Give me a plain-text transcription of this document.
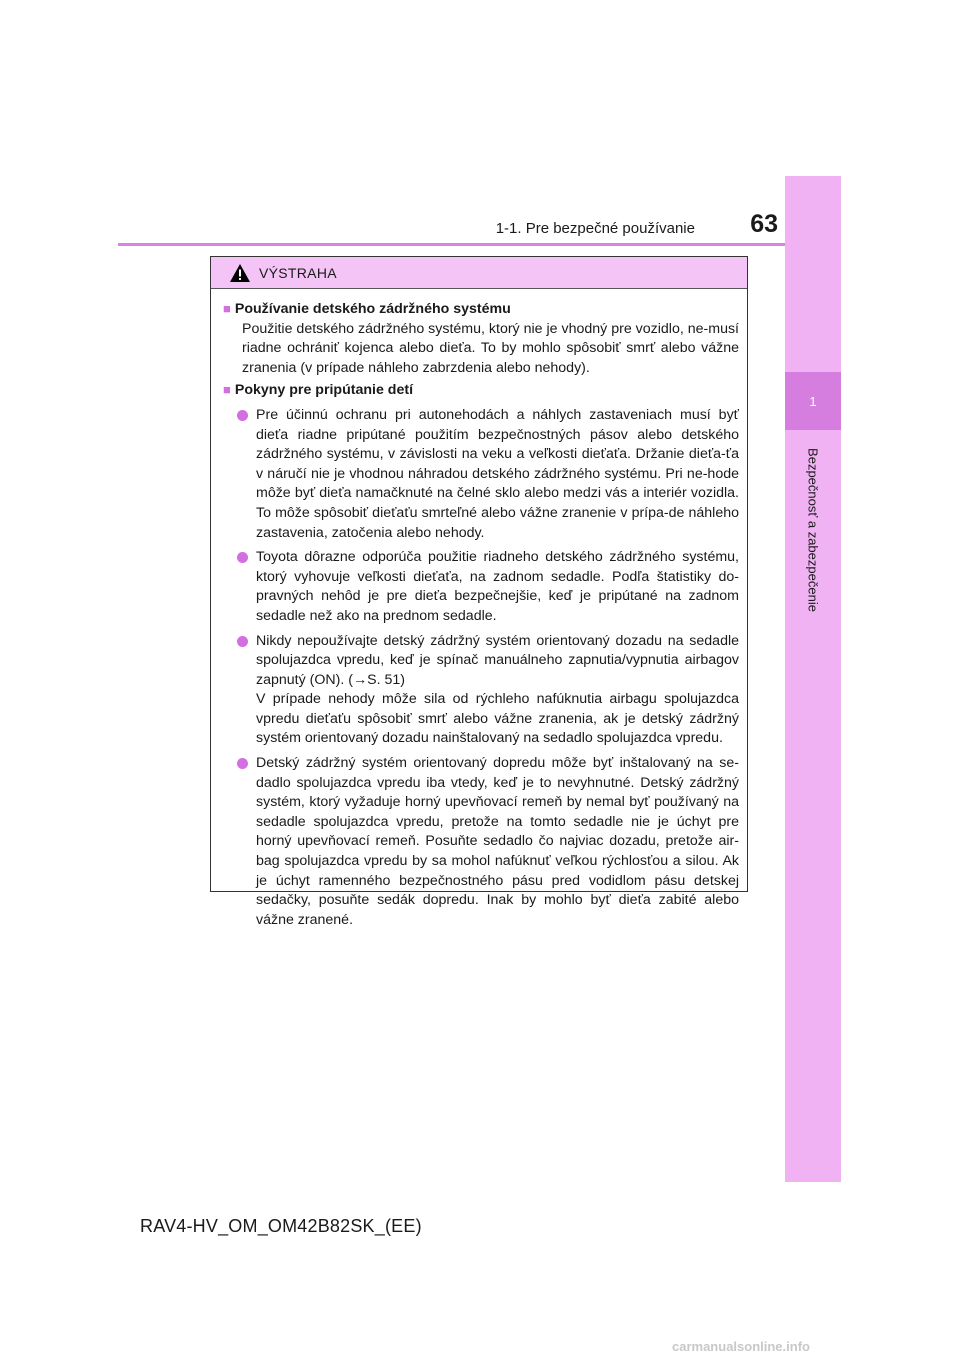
1
Bezpečnosť a zabezpečenie
1-1. Pre bezpečné používanie	63
VÝSTRAHA
■ Používanie detského zádržného systému
Použitie detského zádržného systému, ktorý nie je vhodný pre vozidlo, ne-musí riadne ochrániť kojenca alebo dieťa. To by mohlo spôsobiť smrť alebo vážne zranenia (v prípade náhleho zabrzdenia alebo nehody).
■ Pokyny pre pripútanie detí
Pre účinnú ochranu pri autonehodách a náhlych zastaveniach musí byť dieťa riadne pripútané použitím bezpečnostných pásov alebo detského zádržného systému, v závislosti na veku a veľkosti dieťaťa. Držanie dieťa-ťa v náručí nie je vhodnou náhradou detského zádržného systému. Pri ne-hode môže byť dieťa namačknuté na čelné sklo alebo medzi vás a interiér vozidla. To môže spôsobiť dieťaťu smrteľné alebo vážne zranenie v prípa-de náhleho zastavenia, zatočenia alebo nehody.
Toyota dôrazne odporúča použitie riadneho detského zádržného systému, ktorý vyhovuje veľkosti dieťaťa, na zadnom sedadle. Podľa štatistiky do-pravných nehôd je pre dieťa bezpečnejšie, keď je pripútané na zadnom sedadle než ako na prednom sedadle.
Nikdy nepoužívajte detský zádržný systém orientovaný dozadu na sedadle spolujazdca vpredu, keď je spínač manuálneho zapnutia/vypnutia airbagov zapnutý (ON). (→S. 51)
V prípade nehody môže sila od rýchleho nafúknutia airbagu spolujazdca vpredu dieťaťu spôsobiť smrť alebo vážne zranenia, ak je detský zádržný systém orientovaný dozadu nainštalovaný na sedadlo spolujazdca vpredu.
Detský zádržný systém orientovaný dopredu môže byť inštalovaný na se-dadlo spolujazdca vpredu iba vtedy, keď je to nevyhnutné. Detský zádržný systém, ktorý vyžaduje horný upevňovací remeň by nemal byť používaný na sedadle spolujazdca vpredu, pretože na tomto sedadle nie je úchyt pre horný upevňovací remeň. Posuňte sedadlo čo najviac dozadu, pretože air-bag spolujazdca vpredu by sa mohol nafúknuť veľkou rýchlosťou a silou. Ak je úchyt ramenného bezpečnostného pásu pred vodidlom pásu detskej sedačky, posuňte sedák dopredu. Inak by mohlo byť dieťa zabité alebo vážne zranené.
RAV4-HV_OM_OM42B82SK_(EE)
carmanualsonline.info
